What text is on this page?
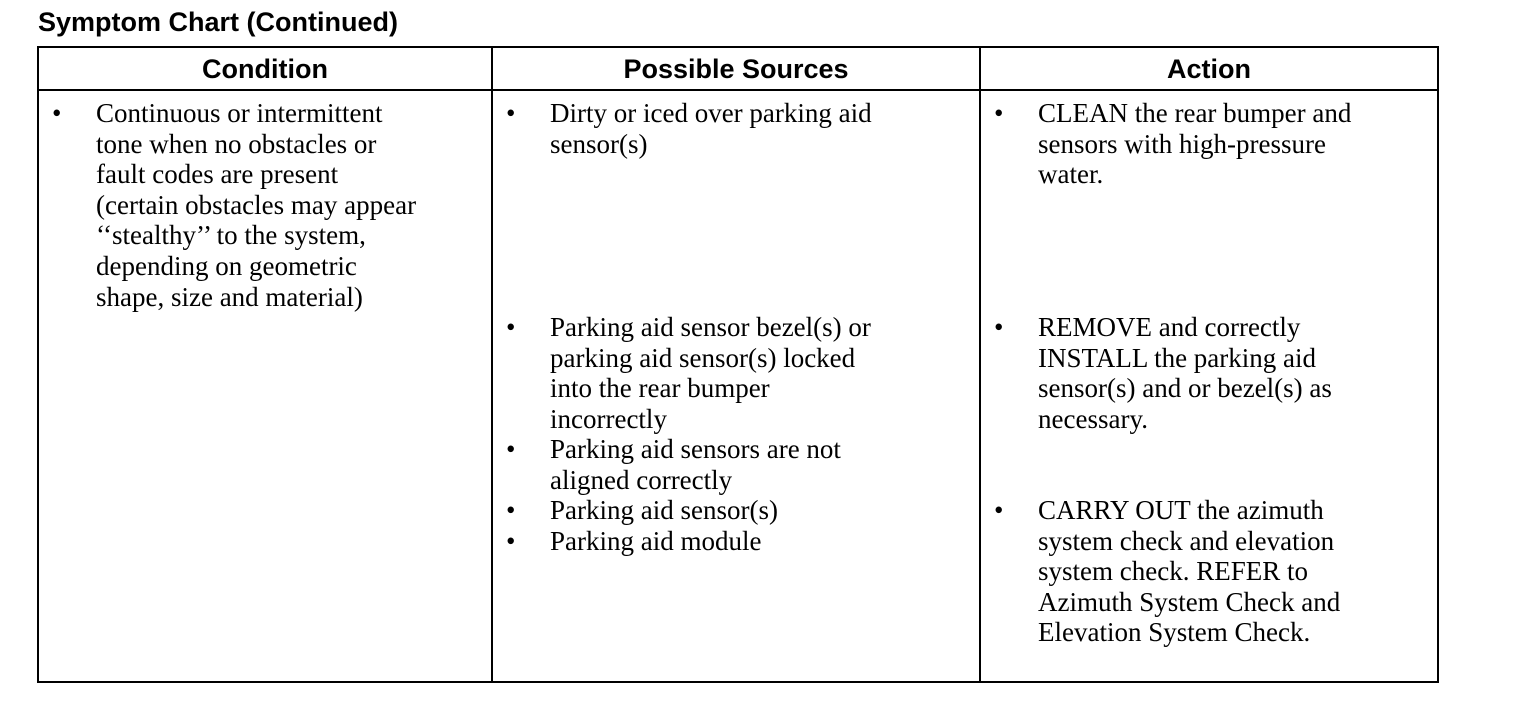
Symptom Chart (Continued)
Condition	Possible Sources	Action
• Continuous or intermittent
tone when no obstacles or
fault codes are present
(certain obstacles may appear
‘‘stealthy’’ to the system,
depending on geometric
shape, size and material)
• Dirty or iced over parking aid
sensor(s)
• Parking aid sensor bezel(s) or
parking aid sensor(s) locked
into the rear bumper
incorrectly
• Parking aid sensors are not
aligned correctly
• Parking aid sensor(s)
• Parking aid module
• CLEAN the rear bumper and
sensors with high-pressure
water.
• REMOVE and correctly
INSTALL the parking aid
sensor(s) and or bezel(s) as
necessary.
• CARRY OUT the azimuth
system check and elevation
system check. REFER to
Azimuth System Check and
Elevation System Check.
